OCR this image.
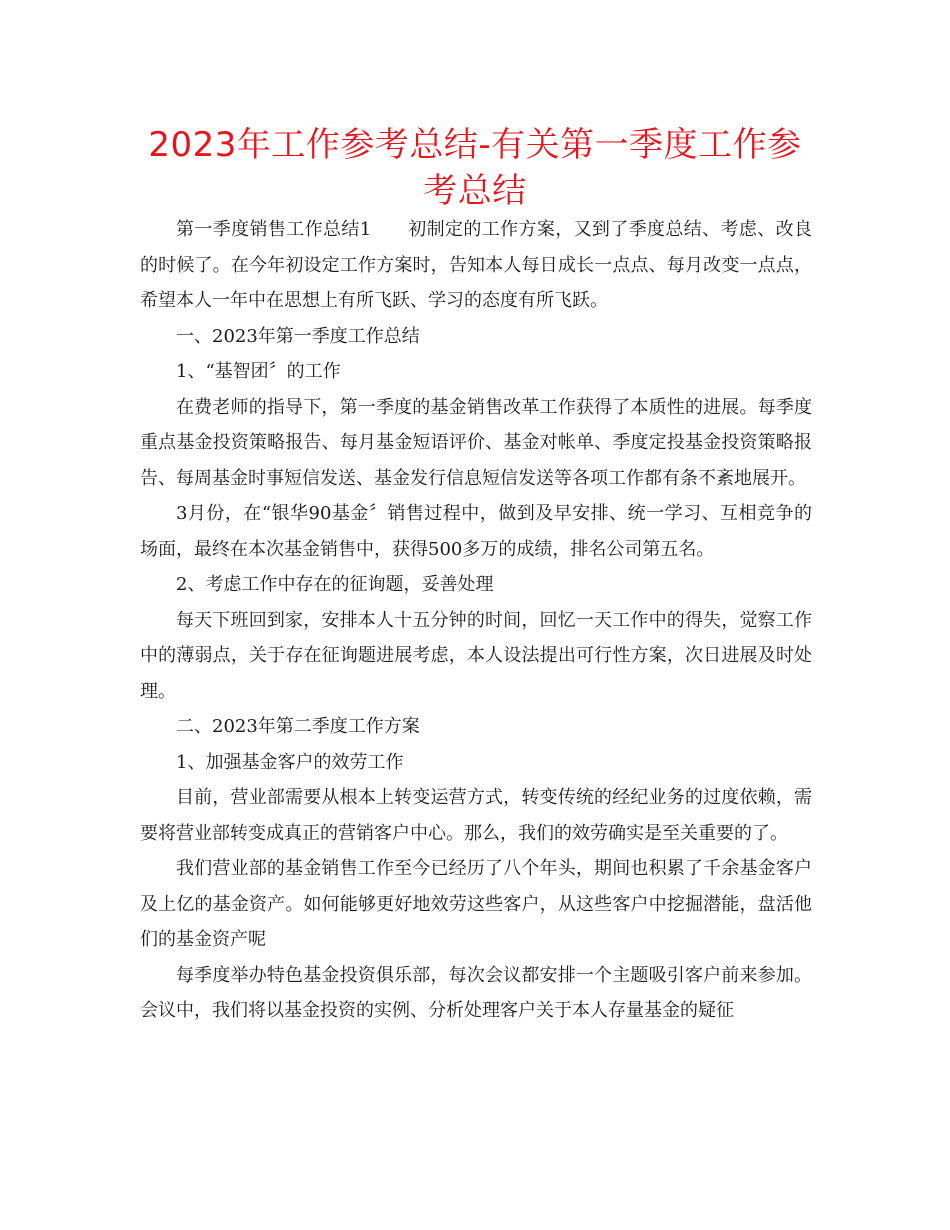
2023年工作参考总结-有关第一季度工作参考总结

第一季度销售工作总结1　　初制定的工作方案，又到了季度总结、考虑、改良的时候了。在今年初设定工作方案时，告知本人每日成长一点点、每月改变一点点，希望本人一年中在思想上有所飞跃、学习的态度有所飞跃。

一、2023年第一季度工作总结

1、“基智团〞的工作

在费老师的指导下，第一季度的基金销售改革工作获得了本质性的进展。每季度重点基金投资策略报告、每月基金短语评价、基金对帐单、季度定投基金投资策略报告、每周基金时事短信发送、基金发行信息短信发送等各项工作都有条不紊地展开。

3月份，在“银华90基金〞销售过程中，做到及早安排、统一学习、互相竞争的场面，最终在本次基金销售中，获得500多万的成绩，排名公司第五名。

2、考虑工作中存在的征询题，妥善处理

每天下班回到家，安排本人十五分钟的时间，回忆一天工作中的得失，觉察工作中的薄弱点，关于存在征询题进展考虑，本人设法提出可行性方案，次日进展及时处理。

二、2023年第二季度工作方案

1、加强基金客户的效劳工作

目前，营业部需要从根本上转变运营方式，转变传统的经纪业务的过度依赖，需要将营业部转变成真正的营销客户中心。那么，我们的效劳确实是至关重要的了。

我们营业部的基金销售工作至今已经历了八个年头，期间也积累了千余基金客户及上亿的基金资产。如何能够更好地效劳这些客户，从这些客户中挖掘潜能，盘活他们的基金资产呢

每季度举办特色基金投资俱乐部，每次会议都安排一个主题吸引客户前来参加。会议中，我们将以基金投资的实例、分析处理客户关于本人存量基金的疑征
